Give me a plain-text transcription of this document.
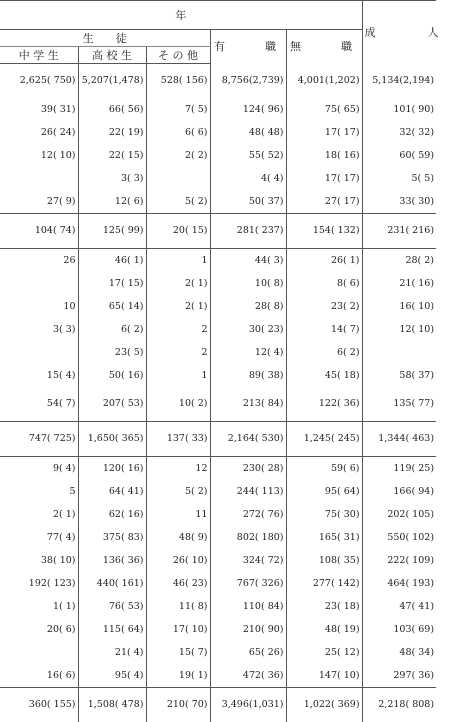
年					成　　人
生　　徒			有　　職	無　　職	
中 学 生	高 校 生	そ の 他			
2,625( 750)	5,207(1,478)	528( 156)	8,756(2,739)	4,001(1,202)	5,134(2,194)
39( 31)	66( 56)	7( 5)	124( 96)	75( 65)	101( 90)
26( 24)	22( 19)	6( 6)	48( 48)	17( 17)	32( 32)
12( 10)	22( 15)	2( 2)	55( 52)	18( 16)	60( 59)
	3( 3)		4( 4)	17( 17)	5( 5)
27( 9)	12( 6)	5( 2)	50( 37)	27( 17)	33( 30)
104( 74)	125( 99)	20( 15)	281( 237)	154( 132)	231( 216)
26	46( 1)	1	44( 3)	26( 1)	28( 2)
	17( 15)	2( 1)	10( 8)	8( 6)	21( 16)
10	65( 14)	2( 1)	28( 8)	23( 2)	16( 10)
3( 3)	6( 2)	2	30( 23)	14( 7)	12( 10)
	23( 5)	2	12( 4)	6( 2)	
15( 4)	50( 16)	1	89( 38)	45( 18)	58( 37)
54( 7)	207( 53)	10( 2)	213( 84)	122( 36)	135( 77)
747( 725)	1,650( 365)	137( 33)	2,164( 530)	1,245( 245)	1,344( 463)
9( 4)	120( 16)	12	230( 28)	59( 6)	119( 25)
5	64( 41)	5( 2)	244( 113)	95( 64)	166( 94)
2( 1)	62( 16)	11	272( 76)	75( 30)	202( 105)
77( 4)	375( 83)	48( 9)	802( 180)	165( 31)	550( 102)
38( 10)	136( 36)	26( 10)	324( 72)	108( 35)	222( 109)
192( 123)	440( 161)	46( 23)	767( 326)	277( 142)	464( 193)
1( 1)	76( 53)	11( 8)	110( 84)	23( 18)	47( 41)
20( 6)	115( 64)	17( 10)	210( 90)	48( 19)	103( 69)
	21( 4)	15( 7)	65( 26)	25( 12)	48( 34)
16( 6)	95( 4)	19( 1)	472( 36)	147( 10)	297( 36)
360( 155)	1,508( 478)	210( 70)	3,496(1,031)	1,022( 369)	2,218( 808)
